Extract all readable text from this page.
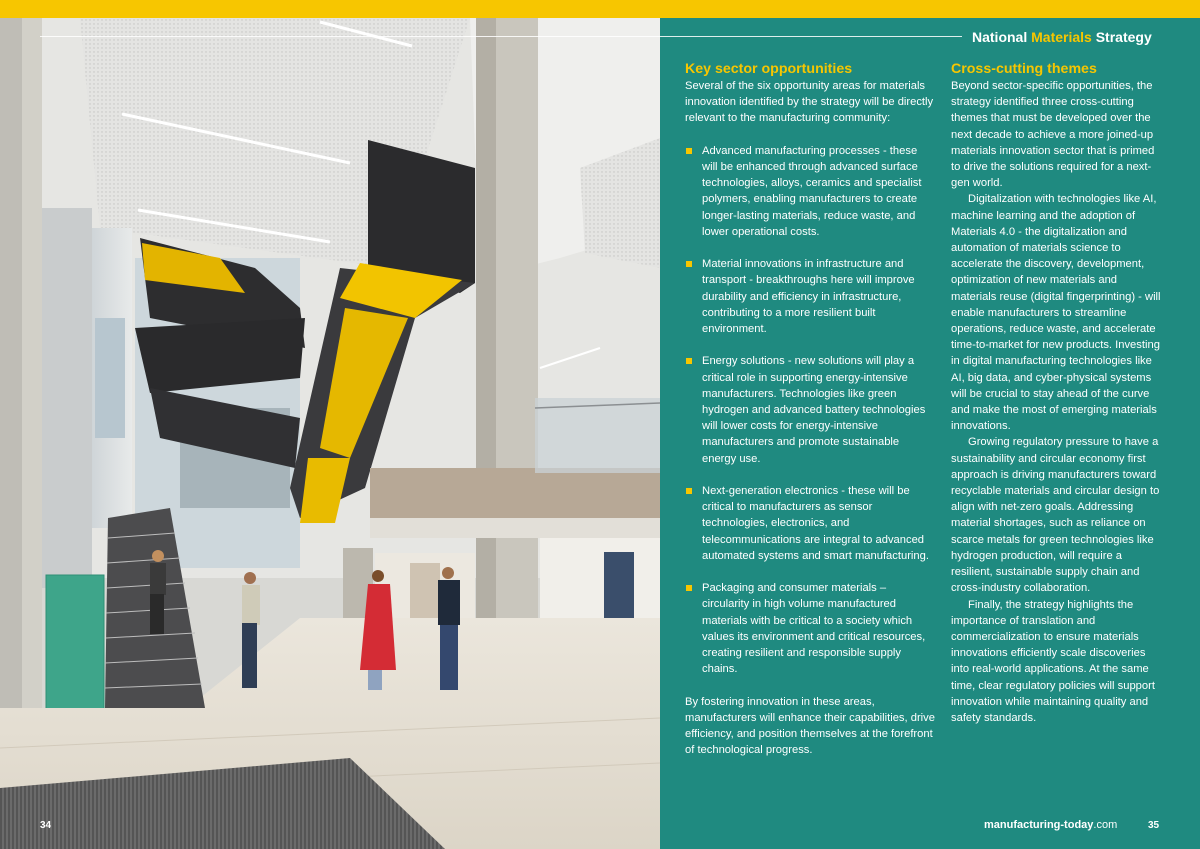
National Materials Strategy
Key sector opportunities

Several of the six opportunity areas for materials innovation identified by the strategy will be directly relevant to the manufacturing community:

Advanced manufacturing processes - these will be enhanced through advanced surface technologies, alloys, ceramics and specialist polymers, enabling manufacturers to create longer-lasting materials, reduce waste, and lower operational costs.
Material innovations in infrastructure and transport - breakthroughs here will improve durability and efficiency in infrastructure, contributing to a more resilient built environment.
Energy solutions - new solutions will play a critical role in supporting energy-intensive manufacturers. Technologies like green hydrogen and advanced battery technologies will lower costs for energy-intensive manufacturers and promote sustainable energy use.
Next-generation electronics - these will be critical to manufacturers as sensor technologies, electronics, and telecommunications are integral to advanced automated systems and smart manufacturing.
Packaging and consumer materials – circularity in high volume manufactured materials with be critical to a society which values its environment and critical resources, creating resilient and responsible supply chains.

By fostering innovation in these areas, manufacturers will enhance their capabilities, drive efficiency, and position themselves at the forefront of technological progress.

Cross-cutting themes

Beyond sector-specific opportunities, the strategy identified three cross-cutting themes that must be developed over the next decade to achieve a more joined-up materials innovation sector that is primed to drive the solutions required for a next-gen world.

Digitalization with technologies like AI, machine learning and the adoption of Materials 4.0 - the digitalization and automation of materials science to accelerate the discovery, development, optimization of new materials and materials reuse (digital fingerprinting) - will enable manufacturers to streamline operations, reduce waste, and accelerate time-to-market for new products. Investing in digital manufacturing technologies like AI, big data, and cyber-physical systems will be crucial to stay ahead of the curve and make the most of emerging materials innovations.

Growing regulatory pressure to have a sustainability and circular economy first approach is driving manufacturers toward recyclable materials and circular design to align with net-zero goals. Addressing material shortages, such as reliance on scarce metals for green technologies like hydrogen production, will require a resilient, sustainable supply chain and cross-industry collaboration.

Finally, the strategy highlights the importance of translation and commercialization to ensure materials innovations efficiently scale discoveries into real-world applications. At the same time, clear regulatory policies will support innovation while maintaining quality and safety standards.

34	manufacturing-today.com	35
